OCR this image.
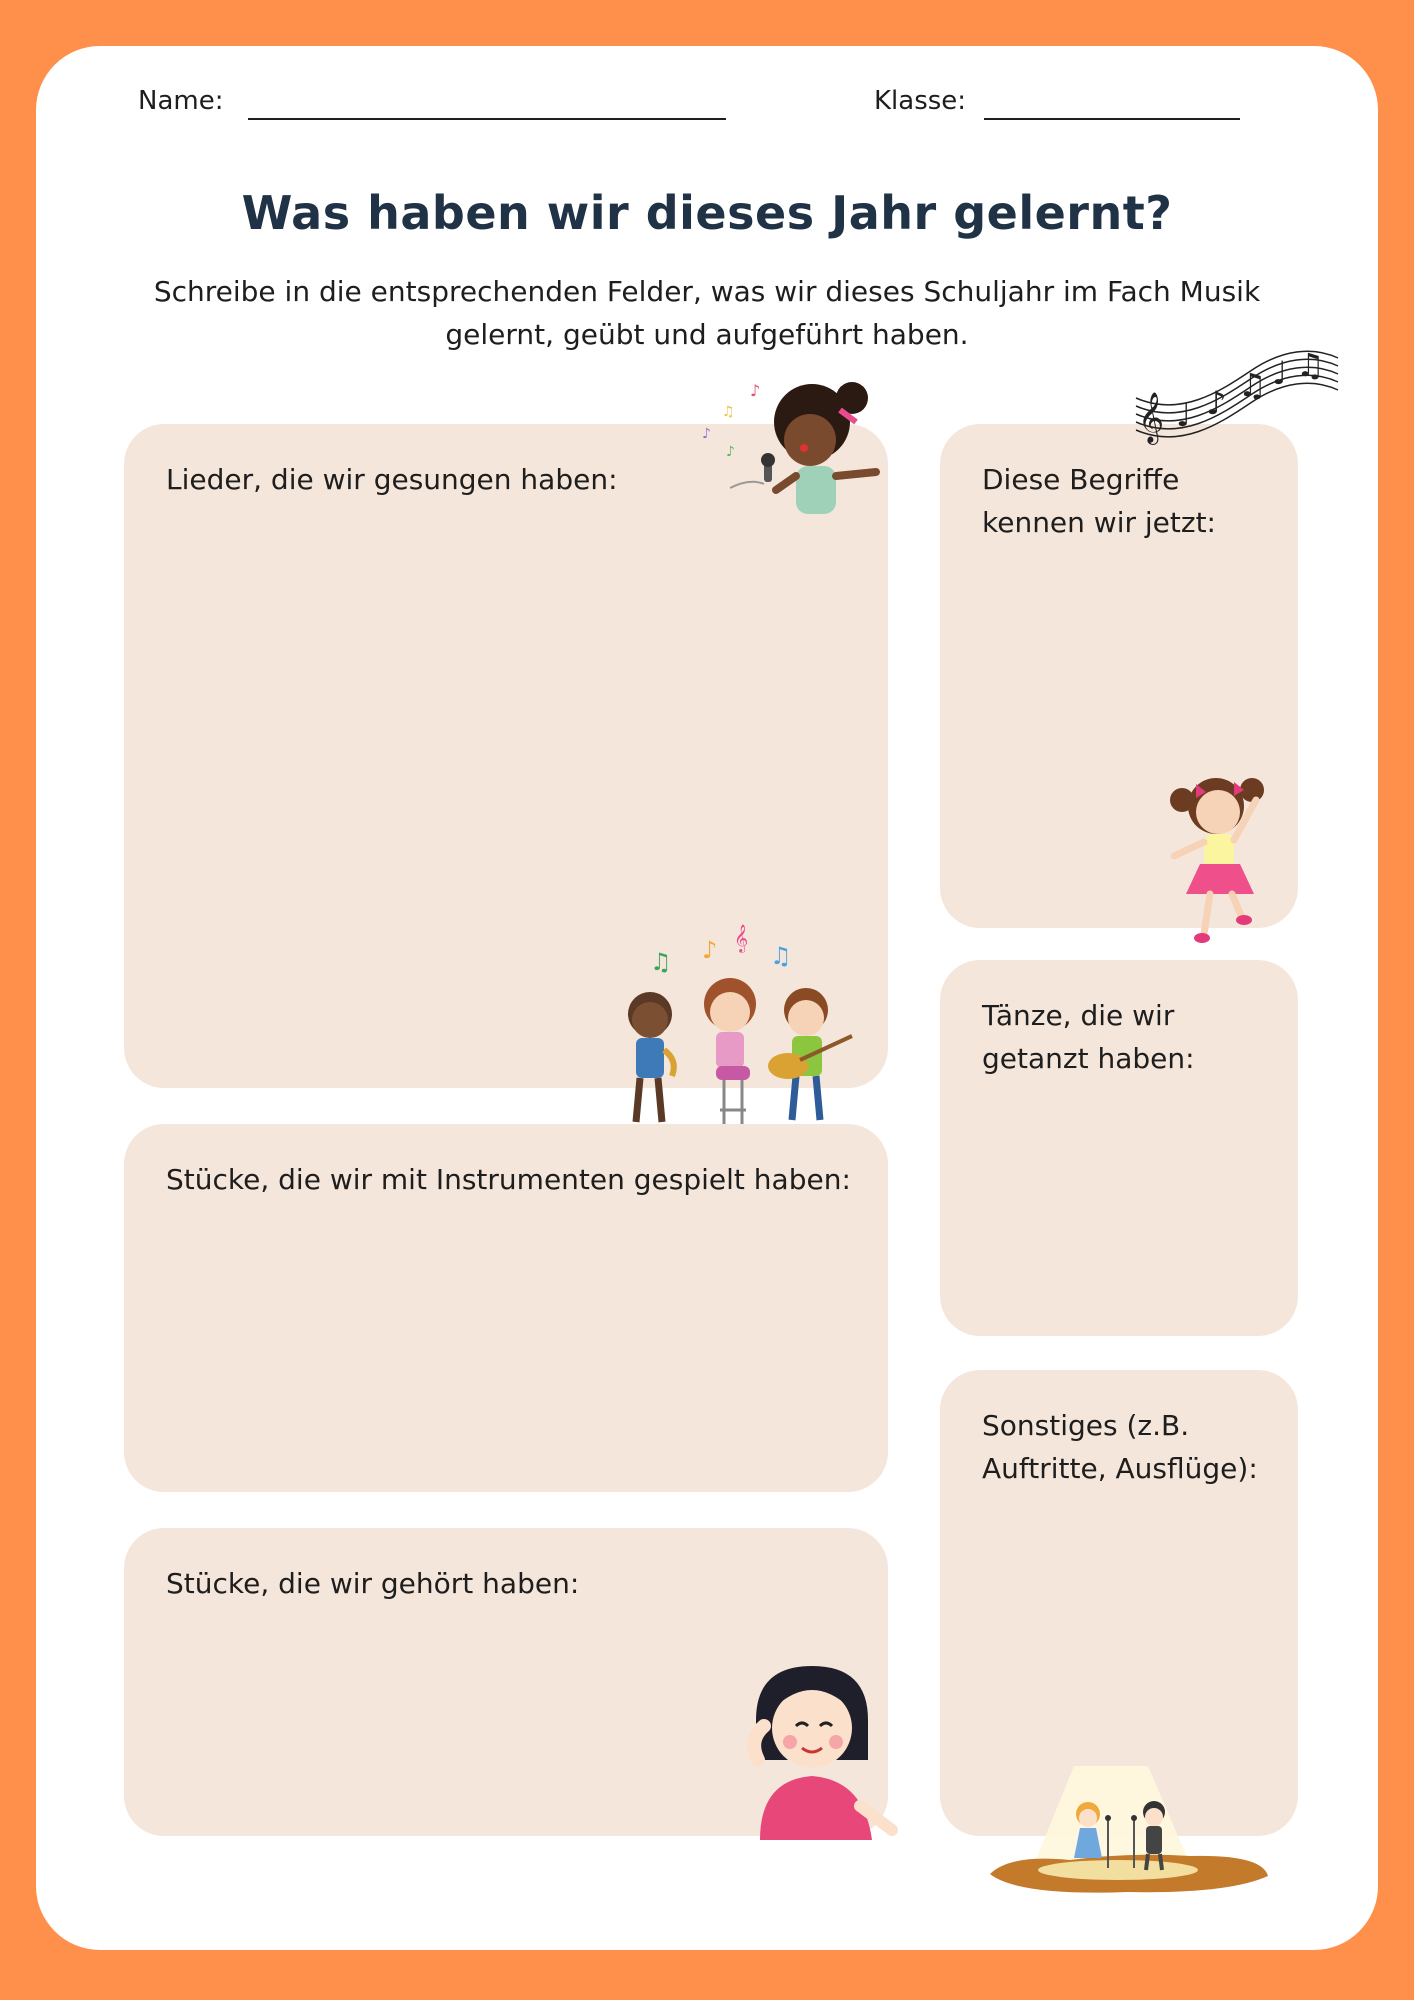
Name:	Klasse:
Was haben wir dieses Jahr gelernt?
Schreibe in die entsprechenden Felder, was wir dieses Schuljahr im Fach Musik gelernt, geübt und aufgeführt haben.
Lieder, die wir gesungen haben:	Diese Begriffe kennen wir jetzt:
Tänze, die wir getanzt haben:
Stücke, die wir mit Instrumenten gespielt haben:
Stücke, die wir gehört haben:
Sonstiges (z.B. Auftritte, Ausflüge):
♪
♫
♪
♪
𝄞 ♩ ♪ ♫ ♩ ♫
♫ ♪ 𝄞
♫
